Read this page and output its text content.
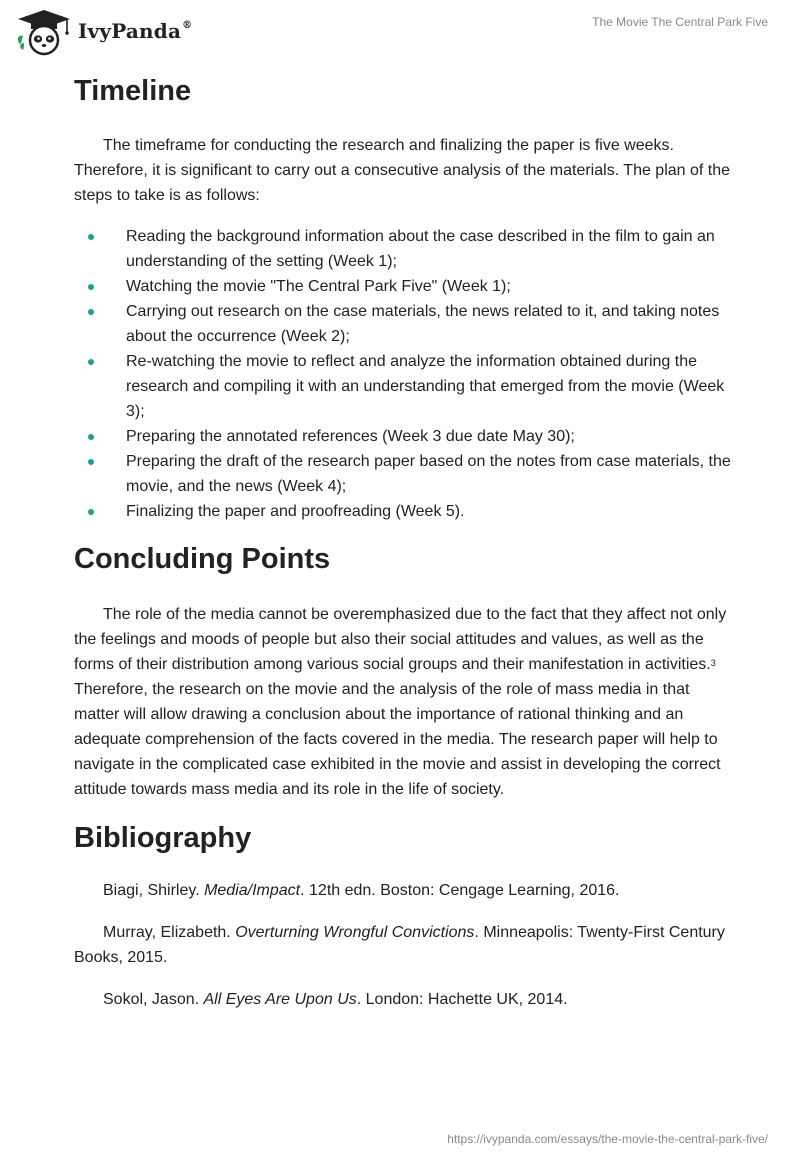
IvyPanda®	The Movie The Central Park Five
Timeline

The timeframe for conducting the research and finalizing the paper is five weeks. Therefore, it is significant to carry out a consecutive analysis of the materials. The plan of the steps to take is as follows:

Reading the background information about the case described in the film to gain an understanding of the setting (Week 1);
Watching the movie "The Central Park Five" (Week 1);
Carrying out research on the case materials, the news related to it, and taking notes about the occurrence (Week 2);
Re-watching the movie to reflect and analyze the information obtained during the research and compiling it with an understanding that emerged from the movie (Week 3);
Preparing the annotated references (Week 3 due date May 30);
Preparing the draft of the research paper based on the notes from case materials, the movie, and the news (Week 4);
Finalizing the paper and proofreading (Week 5).
Concluding Points

The role of the media cannot be overemphasized due to the fact that they affect not only the feelings and moods of people but also their social attitudes and values, as well as the forms of their distribution among various social groups and their manifestation in activities.$^3$ Therefore, the research on the movie and the analysis of the role of mass media in that matter will allow drawing a conclusion about the importance of rational thinking and an adequate comprehension of the facts covered in the media. The research paper will help to navigate in the complicated case exhibited in the movie and assist in developing the correct attitude towards mass media and its role in the life of society.

Bibliography

Biagi, Shirley. Media/Impact. 12th edn. Boston: Cengage Learning, 2016.

Murray, Elizabeth. Overturning Wrongful Convictions. Minneapolis: Twenty-First Century Books, 2015.

Sokol, Jason. All Eyes Are Upon Us. London: Hachette UK, 2014.

https://ivypanda.com/essays/the-movie-the-central-park-five/
